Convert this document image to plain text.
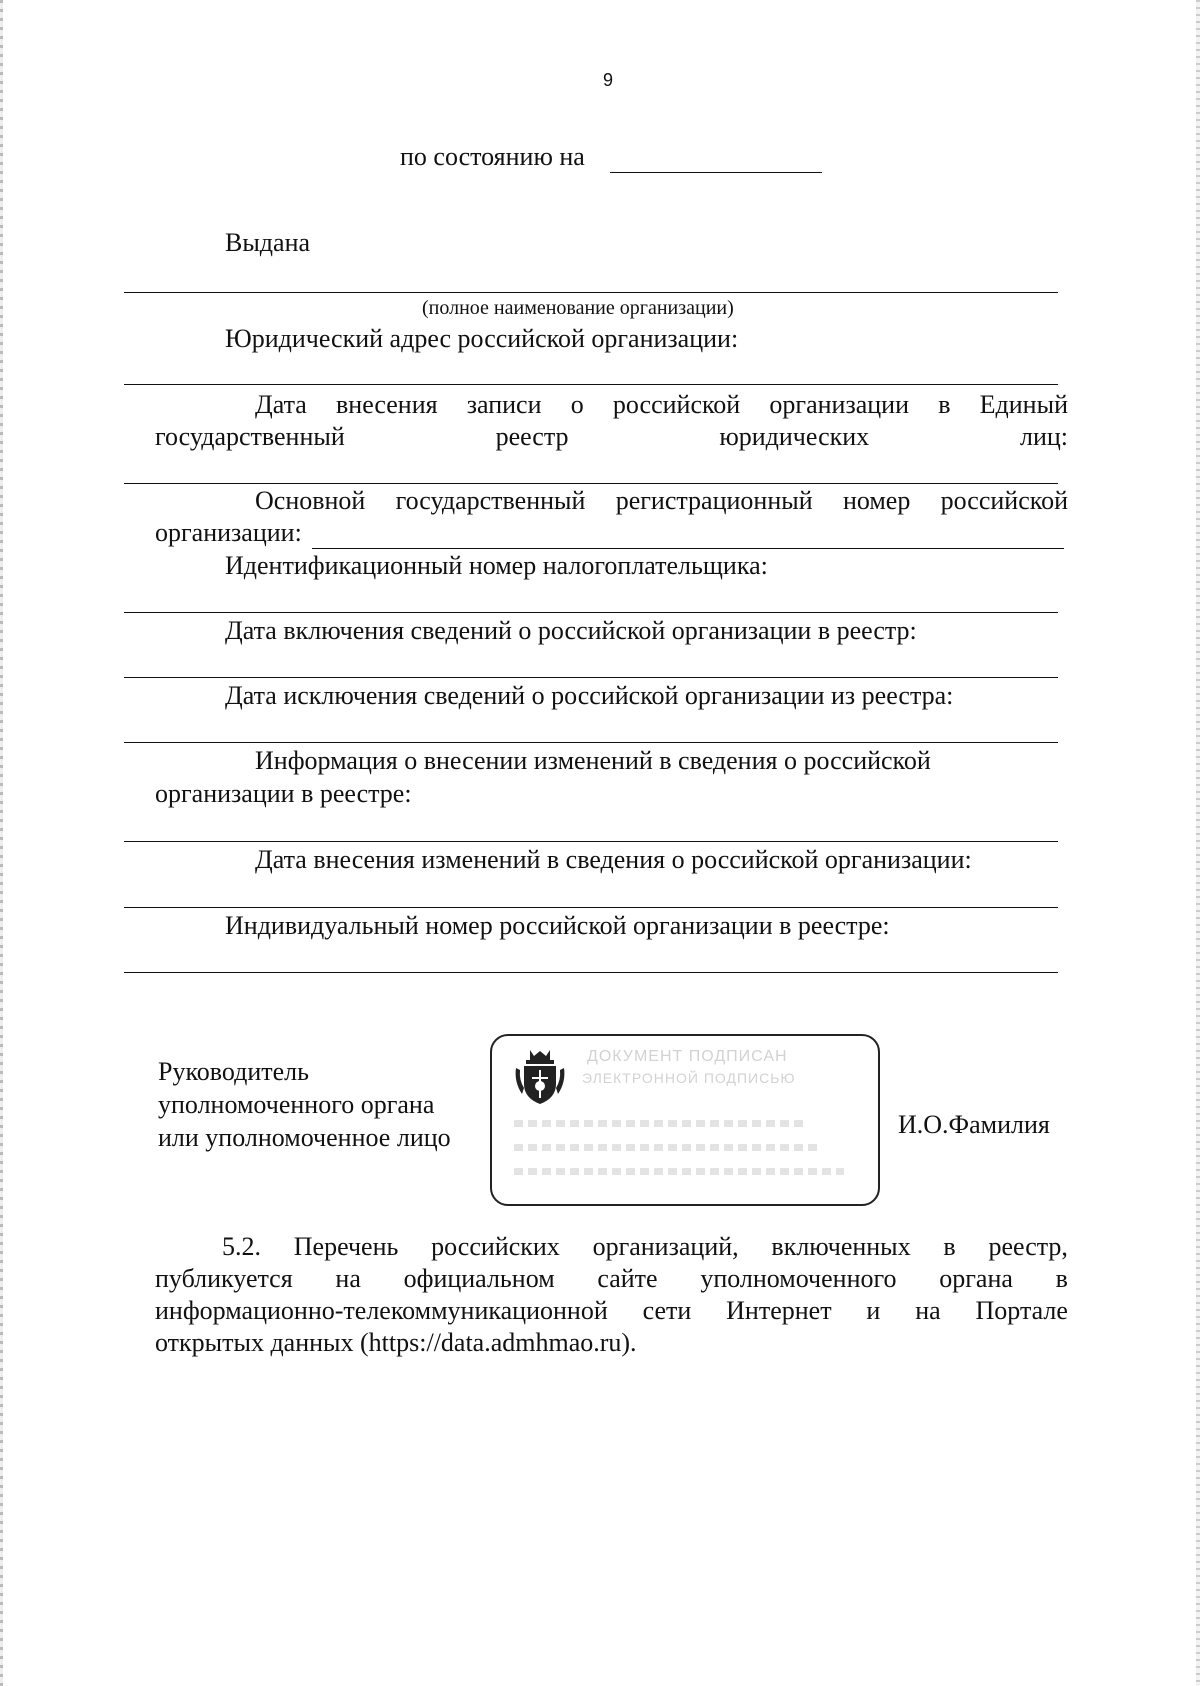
9
по состоянию на
Выдана
(полное наименование организации)
Юридический адрес российской организации:
Дата внесения записи о российской организации в Единый
государственный	реестр	юридических	лиц:
Основной государственный регистрационный номер российской
организации:
Идентификационный номер налогоплательщика:
Дата включения сведений о российской организации в реестр:
Дата исключения сведений о российской организации из реестра:
Информация о внесении изменений в сведения о российской
организации в реестре:
Дата внесения изменений в сведения о российской организации:
Индивидуальный номер российской организации в реестре:
Руководитель
уполномоченного органа
или уполномоченное лицо
ДОКУМЕНТ ПОДПИСАН
ЭЛЕКТРОННОЙ ПОДПИСЬЮ
И.О.Фамилия
5.2. Перечень российских организаций, включенных в реестр,
публикуется на официальном сайте уполномоченного органа в
информационно-телекоммуникационной сети Интернет и на Портале
открытых данных (https://data.admhmao.ru).
